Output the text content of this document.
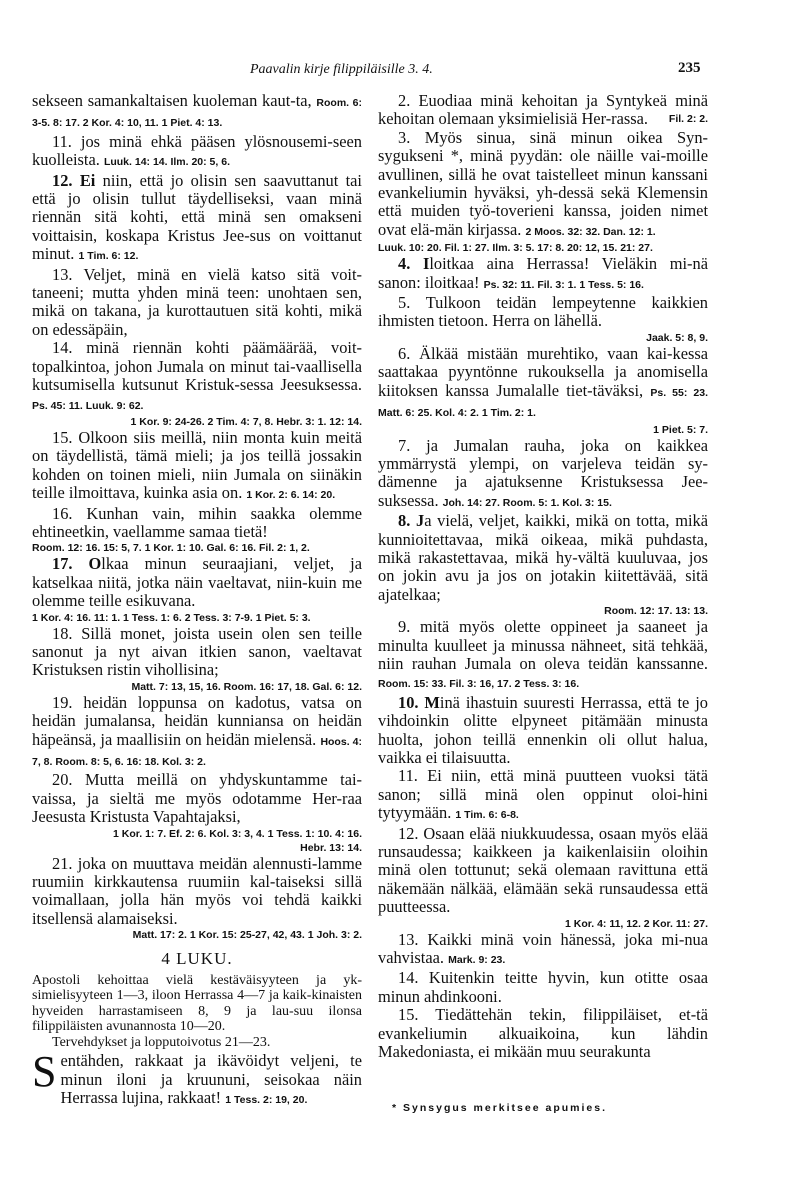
Paavalin kirje filippiläisille 3. 4.	235

sekseen samankaltaisen kuoleman kaut-ta, Room. 6: 3-5. 8: 17. 2 Kor. 4: 10, 11. 1 Piet. 4: 13.

11. jos minä ehkä pääsen ylösnousemi-seen kuolleista. Luuk. 14: 14. Ilm. 20: 5, 6.

12. Ei niin, että jo olisin sen saavuttanut tai että jo olisin tullut täydelliseksi, vaan minä riennän sitä kohti, että minä sen omakseni voittaisin, koskapa Kristus Jee-sus on voittanut minut. 1 Tim. 6: 12.

13. Veljet, minä en vielä katso sitä voit-taneeni; mutta yhden minä teen: unohtaen sen, mikä on takana, ja kurottautuen sitä kohti, mikä on edessäpäin,

14. minä riennän kohti päämäärää, voit-topalkintoa, johon Jumala on minut tai-vaallisella kutsumisella kutsunut Kristuk-sessa Jeesuksessa. Ps. 45: 11. Luuk. 9: 62.
1 Kor. 9: 24-26. 2 Tim. 4: 7, 8. Hebr. 3: 1. 12: 14.

15. Olkoon siis meillä, niin monta kuin meitä on täydellistä, tämä mieli; ja jos teillä jossakin kohden on toinen mieli, niin Jumala on siinäkin teille ilmoittava, kuinka asia on. 1 Kor. 2: 6. 14: 20.

16. Kunhan vain, mihin saakka olemme ehtineetkin, vaellamme samaa tietä!
Room. 12: 16. 15: 5, 7. 1 Kor. 1: 10. Gal. 6: 16. Fil. 2: 1, 2.

17. Olkaa minun seuraajiani, veljet, ja katselkaa niitä, jotka näin vaeltavat, niin-kuin me olemme teille esikuvana.
1 Kor. 4: 16. 11: 1. 1 Tess. 1: 6. 2 Tess. 3: 7-9. 1 Piet. 5: 3.

18. Sillä monet, joista usein olen sen teille sanonut ja nyt aivan itkien sanon, vaeltavat Kristuksen ristin vihollisina;
Matt. 7: 13, 15, 16. Room. 16: 17, 18. Gal. 6: 12.

19. heidän loppunsa on kadotus, vatsa on heidän jumalansa, heidän kunniansa on heidän häpeänsä, ja maallisiin on heidän mielensä. Hoos. 4: 7, 8. Room. 8: 5, 6. 16: 18. Kol. 3: 2.

20. Mutta meillä on yhdyskuntamme tai-vaissa, ja sieltä me myös odotamme Her-raa Jeesusta Kristusta Vapahtajaksi,
1 Kor. 1: 7. Ef. 2: 6. Kol. 3: 3, 4. 1 Tess. 1: 10. 4: 16.
Hebr. 13: 14.

21. joka on muuttava meidän alennusti-lamme ruumiin kirkkautensa ruumiin kal-taiseksi sillä voimallaan, jolla hän myös voi tehdä kaikki itsellensä alamaiseksi.
Matt. 17: 2. 1 Kor. 15: 25-27, 42, 43. 1 Joh. 3: 2.

4 LUKU.

Apostoli kehoittaa vielä kestäväisyyteen ja yk-simielisyyteen 1—3, iloon Herrassa 4—7 ja kaik-kinaisten hyveiden harrastamiseen 8, 9 ja lau-suu ilonsa filippiläisten avunannosta 10—20.
Tervehdykset ja lopputoivotus 21—23.

Sentähden, rakkaat ja ikävöidyt veljeni, te minun iloni ja kruununi, seisokaa näin Herrassa lujina, rakkaat! 1 Tess. 2: 19, 20.

2. Euodiaa minä kehoitan ja Syntykeä minä kehoitan olemaan yksimielisiä Her-rassa.	Fil. 2: 2.

3. Myös sinua, sinä minun oikea Syn-sygukseni *, minä pyydän: ole näille vai-moille avullinen, sillä he ovat taistelleet minun kanssani evankeliumin hyväksi, yh-dessä sekä Klemensin että muiden työ-toverieni kanssa, joiden nimet ovat elä-män kirjassa. 2 Moos. 32: 32. Dan. 12: 1.
Luuk. 10: 20. Fil. 1: 27. Ilm. 3: 5. 17: 8. 20: 12, 15. 21: 27.

4. Iloitkaa aina Herrassa! Vieläkin mi-nä sanon: iloitkaa! Ps. 32: 11. Fil. 3: 1. 1 Tess. 5: 16.

5. Tulkoon teidän lempeytenne kaikkien ihmisten tietoon. Herra on lähellä.
Jaak. 5: 8, 9.

6. Älkää mistään murehtiko, vaan kai-kessa saattakaa pyyntönne rukouksella ja anomisella kiitoksen kanssa Jumalalle tiet-täväksi, Ps. 55: 23. Matt. 6: 25. Kol. 4: 2. 1 Tim. 2: 1.
1 Piet. 5: 7.

7. ja Jumalan rauha, joka on kaikkea ymmärrystä ylempi, on varjeleva teidän sy-dämenne ja ajatuksenne Kristuksessa Jee-suksessa. Joh. 14: 27. Room. 5: 1. Kol. 3: 15.

8. Ja vielä, veljet, kaikki, mikä on totta, mikä kunnioitettavaa, mikä oikeaa, mikä puhdasta, mikä rakastettavaa, mikä hy-vältä kuuluvaa, jos on jokin avu ja jos on jotakin kiitettävää, sitä ajatelkaa;
Room. 12: 17. 13: 13.

9. mitä myös olette oppineet ja saaneet ja minulta kuulleet ja minussa nähneet, sitä tehkää, niin rauhan Jumala on oleva teidän kanssanne. Room. 15: 33. Fil. 3: 16, 17. 2 Tess. 3: 16.

10. Minä ihastuin suuresti Herrassa, että te jo vihdoinkin olitte elpyneet pitämään minusta huolta, johon teillä ennenkin oli ollut halua, vaikka ei tilaisuutta.

11. Ei niin, että minä puutteen vuoksi tätä sanon; sillä minä olen oppinut oloi-hini tytyymään. 1 Tim. 6: 6-8.

12. Osaan elää niukkuudessa, osaan myös elää runsaudessa; kaikkeen ja kaikenlaisiin oloihin minä olen tottunut; sekä olemaan ravittuna että näkemään nälkää, elämään sekä runsaudessa että puutteessa.
1 Kor. 4: 11, 12. 2 Kor. 11: 27.

13. Kaikki minä voin hänessä, joka mi-nua vahvistaa. Mark. 9: 23.

14. Kuitenkin teitte hyvin, kun otitte osaa minun ahdinkooni.

15. Tiedättehän tekin, filippiläiset, et-tä evankeliumin alkuaikoina, kun lähdin Makedoniasta, ei mikään muu seurakunta

* Synsygus merkitsee apumies.
